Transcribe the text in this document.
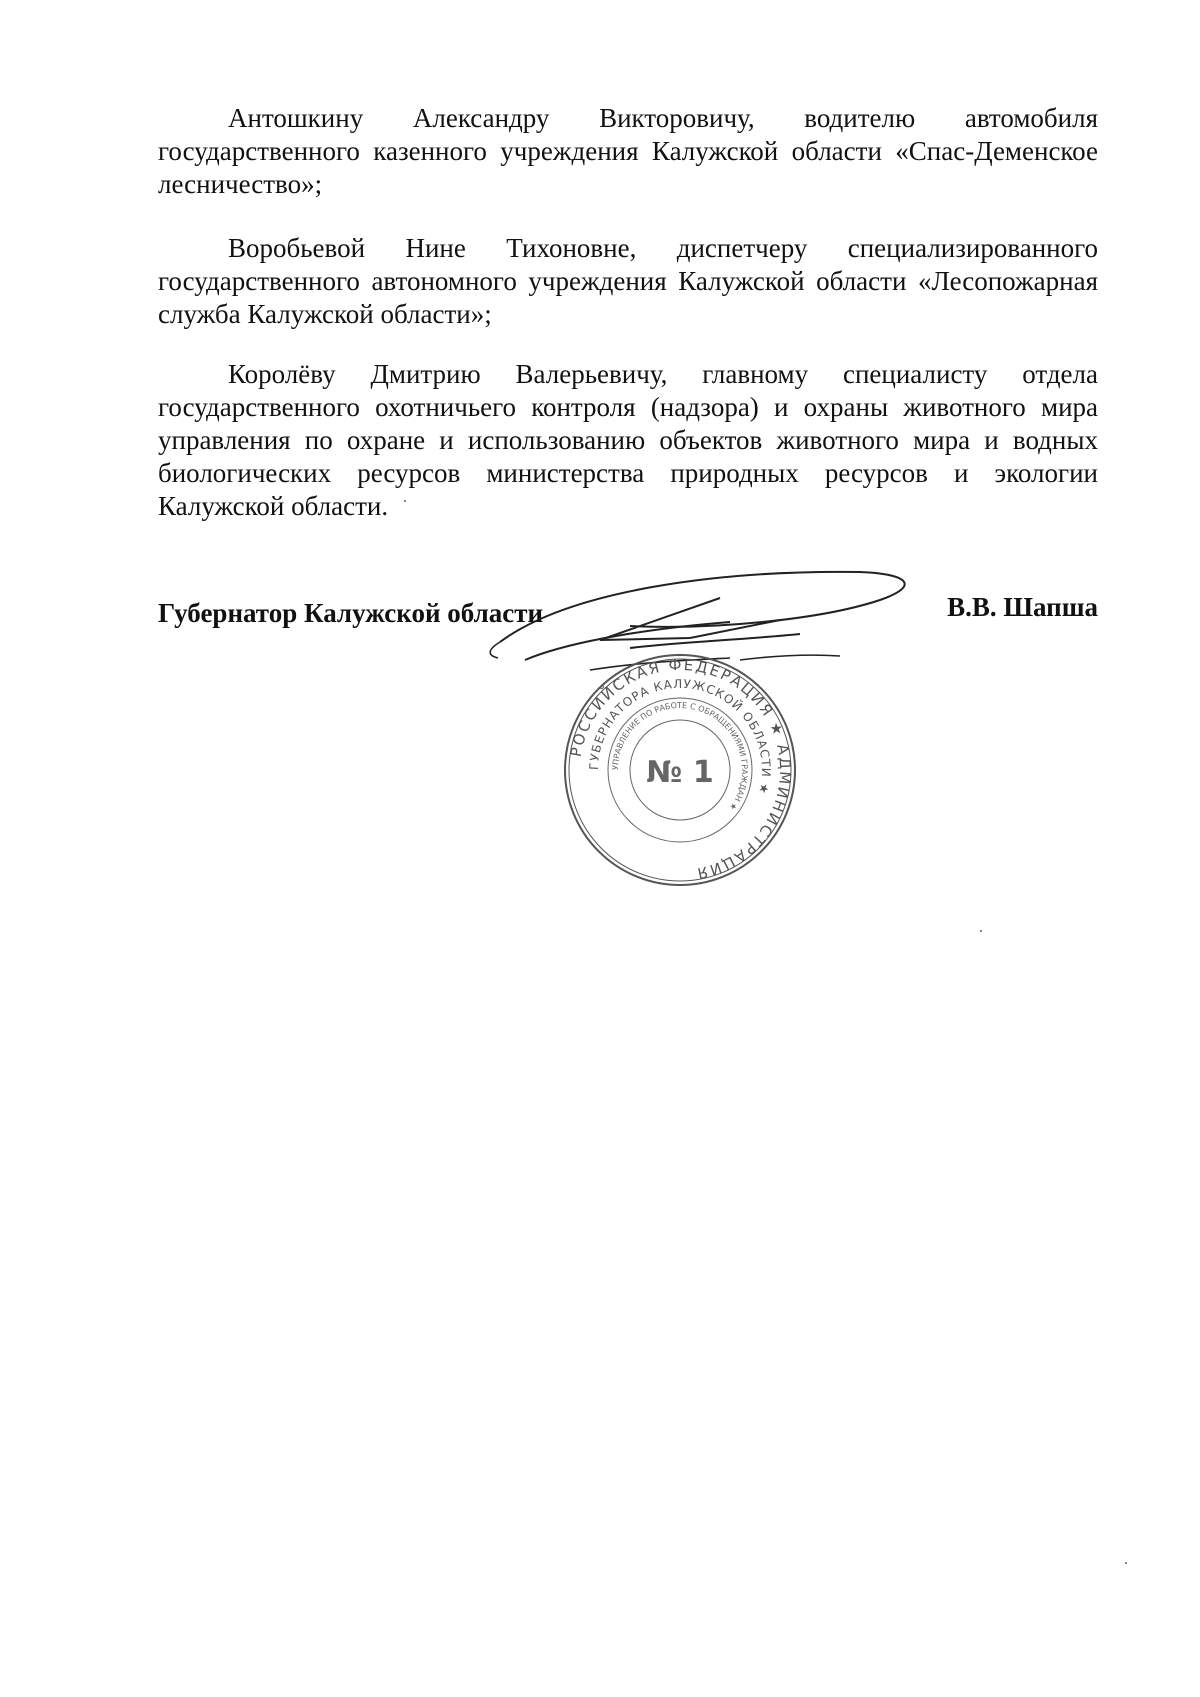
Антошкину Александру Викторовичу, водителю автомобиля государственного казенного учреждения Калужской области «Спас-Деменское лесничество»;

Воробьевой Нине Тихоновне, диспетчеру специализированного государственного автономного учреждения Калужской области «Лесопожарная служба Калужской области»;

Королёву Дмитрию Валерьевичу, главному специалисту отдела государственного охотничьего контроля (надзора) и охраны животного мира управления по охране и использованию объектов животного мира и водных биологических ресурсов министерства природных ресурсов и экологии Калужской области.

Губернатор Калужской области	В.В. Шапша
РОССИЙСКАЯ ФЕДЕРАЦИЯ ★ АДМИНИСТРАЦИЯ
ГУБЕРНАТОРА КАЛУЖСКОЙ ОБЛАСТИ ★
УПРАВЛЕНИЕ ПО РАБОТЕ С ОБРАЩЕНИЯМИ ГРАЖДАН ★
№ 1
